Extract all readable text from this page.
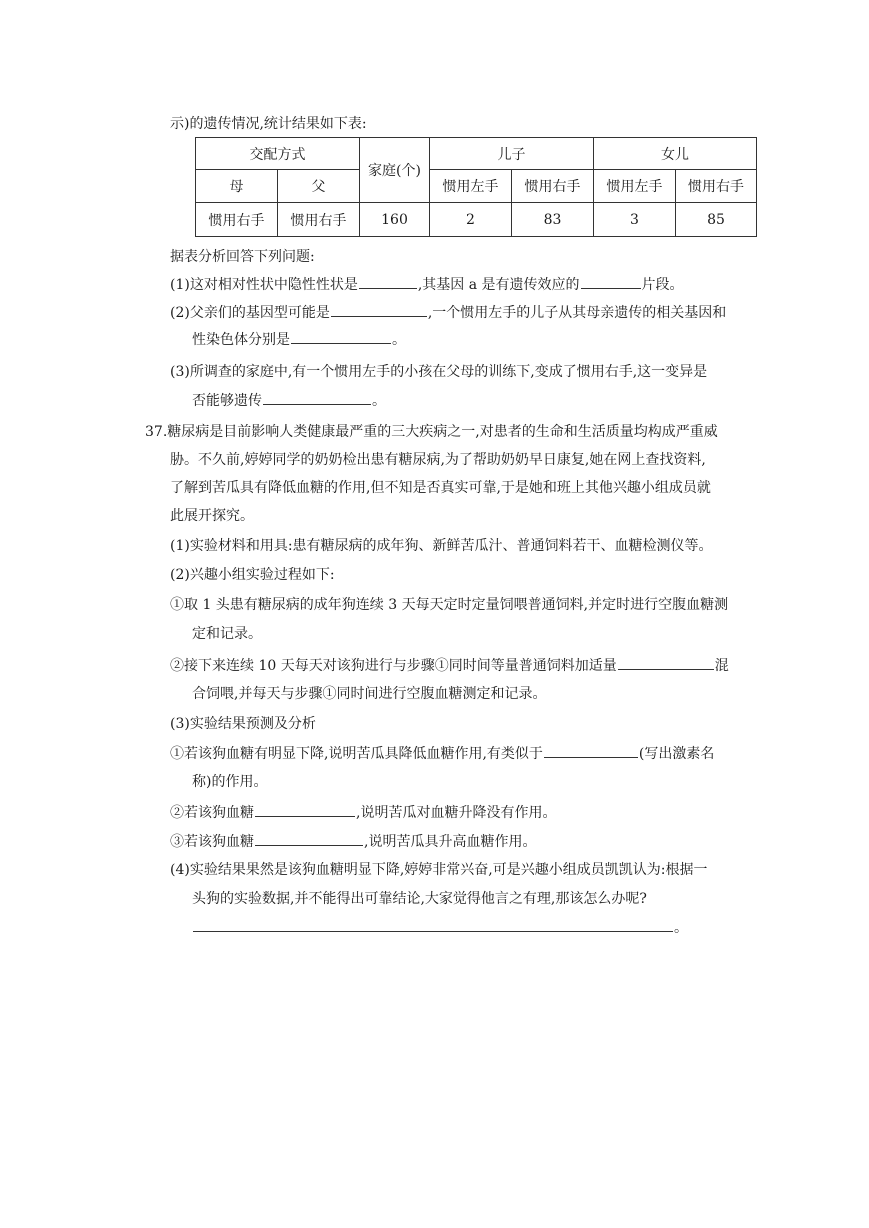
示)的遗传情况,统计结果如下表:
交配方式		家庭(个)	儿子		女儿	
母	父		惯用左手	惯用右手	惯用左手	惯用右手
惯用右手	惯用右手	160	2	83	3	85
据表分析回答下列问题:
(1)这对相对性状中隐性性状是	,其基因 a 是有遗传效应的	片段。
(2)父亲们的基因型可能是	,一个惯用左手的儿子从其母亲遗传的相关基因和
性染色体分别是	。
(3)所调查的家庭中,有一个惯用左手的小孩在父母的训练下,变成了惯用右手,这一变异是
否能够遗传	。
37.糖尿病是目前影响人类健康最严重的三大疾病之一,对患者的生命和生活质量均构成严重威
胁。不久前,婷婷同学的奶奶检出患有糖尿病,为了帮助奶奶早日康复,她在网上查找资料,
了解到苦瓜具有降低血糖的作用,但不知是否真实可靠,于是她和班上其他兴趣小组成员就
此展开探究。
(1)实验材料和用具:患有糖尿病的成年狗、新鲜苦瓜汁、普通饲料若干、血糖检测仪等。
(2)兴趣小组实验过程如下:
①取 1 头患有糖尿病的成年狗连续 3 天每天定时定量饲喂普通饲料,并定时进行空腹血糖测
定和记录。
②接下来连续 10 天每天对该狗进行与步骤①同时间等量普通饲料加适量	混
合饲喂,并每天与步骤①同时间进行空腹血糖测定和记录。
(3)实验结果预测及分析
①若该狗血糖有明显下降,说明苦瓜具降低血糖作用,有类似于	(写出激素名
称)的作用。
②若该狗血糖	,说明苦瓜对血糖升降没有作用。
③若该狗血糖	,说明苦瓜具升高血糖作用。
(4)实验结果果然是该狗血糖明显下降,婷婷非常兴奋,可是兴趣小组成员凯凯认为:根据一
头狗的实验数据,并不能得出可靠结论,大家觉得他言之有理,那该怎么办呢?
。
